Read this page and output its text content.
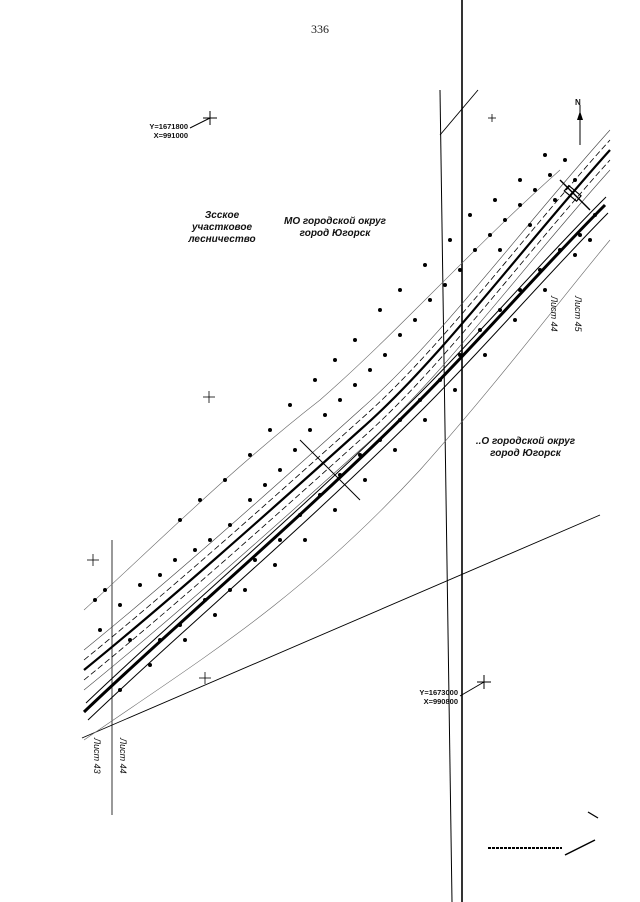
336
Зсское
участковое
лесничество
МО городской округ
город Югорск
..О городской округ
город Югорск
Y=1671800
X=991000
Y=1673000
X=990800
Лист 43 Лист 44
Лист 44 Лист 45
N
